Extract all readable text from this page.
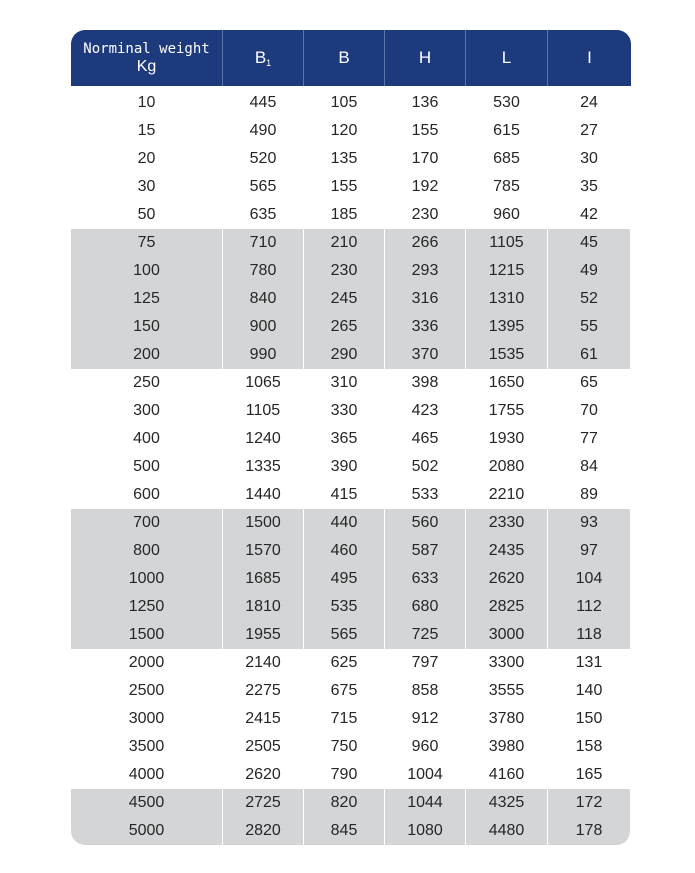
Norminal weight
Kg	$B_1$	B	H	L	I
10	445	105	136	530	24
15	490	120	155	615	27
20	520	135	170	685	30
30	565	155	192	785	35
50	635	185	230	960	42
75	710	210	266	1105	45
100	780	230	293	1215	49
125	840	245	316	1310	52
150	900	265	336	1395	55
200	990	290	370	1535	61
250	1065	310	398	1650	65
300	1105	330	423	1755	70
400	1240	365	465	1930	77
500	1335	390	502	2080	84
600	1440	415	533	2210	89
700	1500	440	560	2330	93
800	1570	460	587	2435	97
1000	1685	495	633	2620	104
1250	1810	535	680	2825	112
1500	1955	565	725	3000	118
2000	2140	625	797	3300	131
2500	2275	675	858	3555	140
3000	2415	715	912	3780	150
3500	2505	750	960	3980	158
4000	2620	790	1004	4160	165
4500	2725	820	1044	4325	172
5000	2820	845	1080	4480	178
